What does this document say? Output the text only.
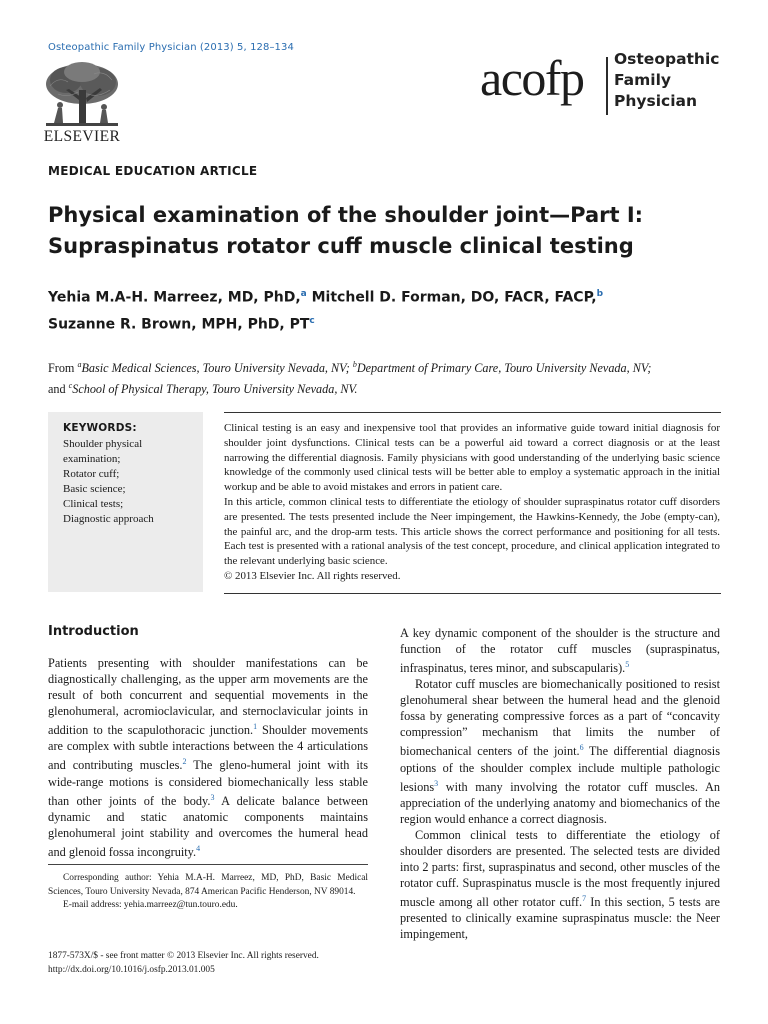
Osteopathic Family Physician (2013) 5, 128–134
ELSEVIER
acofp Osteopathic
Family
Physician
MEDICAL EDUCATION ARTICLE
Physical examination of the shoulder joint—Part I:
Supraspinatus rotator cuff muscle clinical testing
Yehia M.A-H. Marreez, MD, PhD,$^a$ Mitchell D. Forman, DO, FACR, FACP,$^b$
Suzanne R. Brown, MPH, PhD, $PT^c$
From $^a$Basic Medical Sciences, Touro University Nevada, NV; $^b$Department of Primary Care, Touro University Nevada, NV;
and $^c$School of Physical Therapy, Touro University Nevada, NV.
KEYWORDS:
Shoulder physical
examination;
Rotator cuff;
Basic science;
Clinical tests;
Diagnostic approach

Clinical testing is an easy and inexpensive tool that provides an informative guide toward initial diagnosis for shoulder joint dysfunctions. Clinical tests can be a powerful aid toward a correct diagnosis or at the least narrowing the differential diagnosis. Family physicians with good understanding of the underlying basic science knowledge of the commonly used clinical tests will be better able to employ a systematic approach in the initial workup and be able to avoid mistakes and errors in patient care.

In this article, common clinical tests to differentiate the etiology of shoulder supraspinatus rotator cuff disorders are presented. The tests presented include the Neer impingement, the Hawkins-Kennedy, the Jobe (empty-can), the painful arc, and the drop-arm tests. This article shows the correct performance and positioning for all tests. Each test is presented with a rational analysis of the test concept, procedure, and clinical application integrated to the relevant underlying basic science.

© 2013 Elsevier Inc. All rights reserved.

Introduction

Patients presenting with shoulder manifestations can be diagnostically challenging, as the upper arm movements are the result of both concurrent and sequential movements in the glenohumeral, acromioclavicular, and sternoclavicular joints in addition to the scapulothoracic junction.$^1$ Shoulder movements are complex with subtle interactions between the 4 articulations and contributing muscles.$^2$ The gleno-humeral joint with its wide-range motions is considered biomechanically less stable than other joints of the body.$^3$ A delicate balance between dynamic and static anatomic components maintains glenohumeral joint stability and overcomes the humeral head and glenoid fossa incongruity.$^4$

A key dynamic component of the shoulder is the structure and function of the rotator cuff muscles (supraspinatus, infraspinatus, teres minor, and subscapularis).$^5$

Rotator cuff muscles are biomechanically positioned to resist glenohumeral shear between the humeral head and the glenoid fossa by generating compressive forces as a part of “concavity compression” mechanism that limits the number of biomechanical centers of the joint.$^6$ The differential diagnosis options of the shoulder complex include multiple pathologic lesions$^3$ with many involving the rotator cuff muscles. An appreciation of the underlying anatomy and biomechanics of the region would enhance a correct diagnosis.

Common clinical tests to differentiate the etiology of shoulder disorders are presented. The selected tests are divided into 2 parts: first, supraspinatus and second, other muscles of the rotator cuff. Supraspinatus muscle is the most frequently injured muscle among all other rotator cuff.$^7$ In this section, 5 tests are presented to clinically examine supraspinatus muscle: the Neer impingement,

Corresponding author: Yehia M.A-H. Marreez, MD, PhD, Basic Medical Sciences, Touro University Nevada, 874 American Pacific Henderson, NV 89014.

E-mail address: yehia.marreez@tun.touro.edu.

1877-573X/$ - see front matter © 2013 Elsevier Inc. All rights reserved.

http://dx.doi.org/10.1016/j.osfp.2013.01.005
